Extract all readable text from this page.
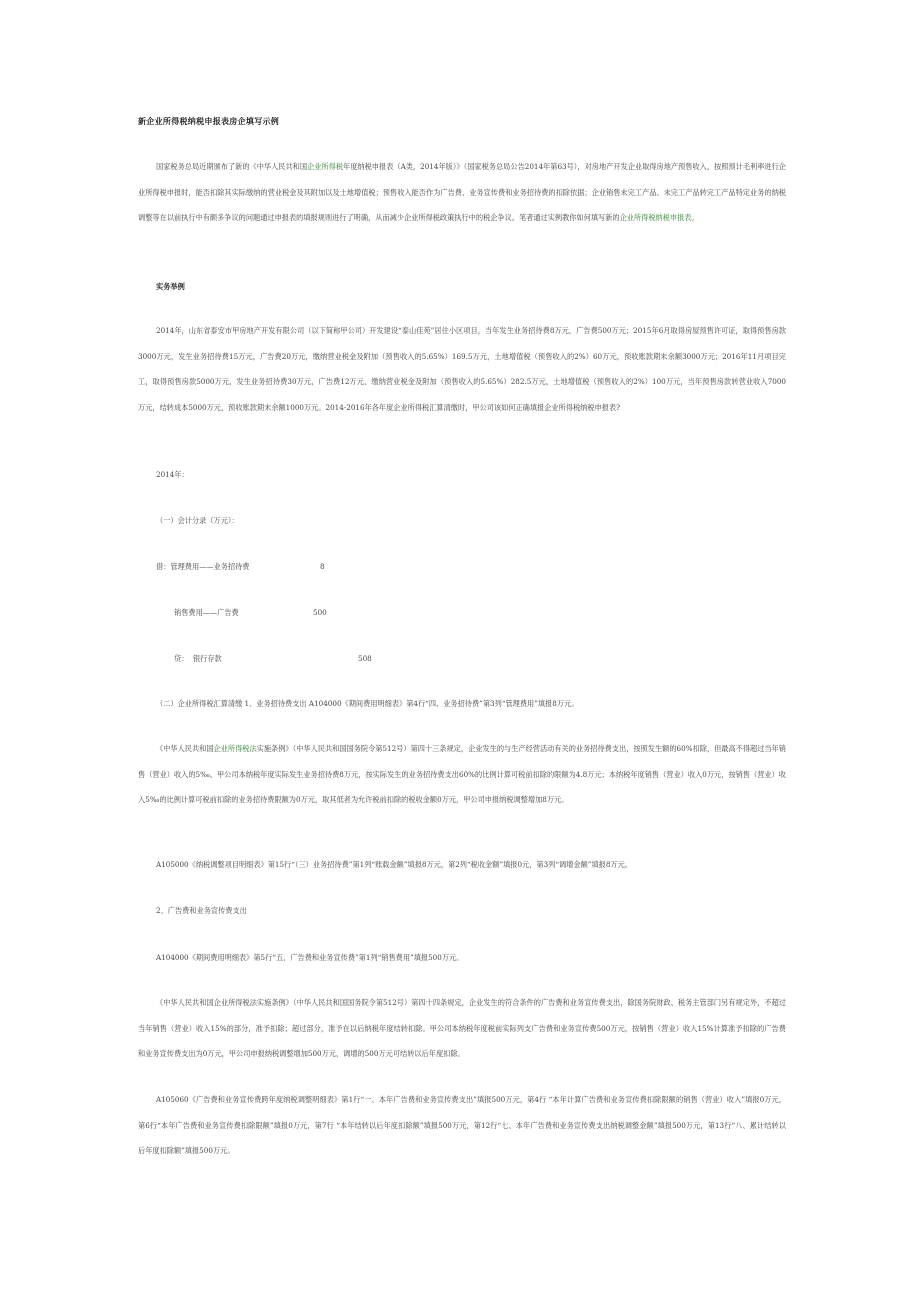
新企业所得税纳税申报表房企填写示例
国家税务总局近期颁布了新的《中华人民共和国企业所得税年度纳税申报表（A类，2014年版）》（国家税务总局公告2014年第63号），对房地产开发企业取得房地产预售收入，按照预计毛利率进行企业所得税申报时，能否扣除其实际缴纳的营业税金及其附加以及土地增值税；预售收入能否作为广告费、业务宣传费和业务招待费的扣除依据；企业销售未完工产品、未完工产品转完工产品特定业务的纳税调整等在以前执行中有颇多争议的问题通过申报表的填报规则进行了明确，从而减少企业所得税政策执行中的税企争议。笔者通过实例教你如何填写新的企业所得税纳税申报表。
实务举例
2014年，山东省泰安市甲房地产开发有限公司（以下简称甲公司）开发建设“泰山佳苑”居住小区项目，当年发生业务招待费8万元，广告费500万元；2015年6月取得房屋预售许可证，取得预售房款3000万元，发生业务招待费15万元，广告费20万元，缴纳营业税金及附加（预售收入的5.65%）169.5万元，土地增值税（预售收入的2%）60万元，预收账款期末余额3000万元；2016年11月项目完工，取得预售房款5000万元，发生业务招待费30万元，广告费12万元，缴纳营业税金及附加（预售收入的5.65%）282.5万元，土地增值税（预售收入的2%）100万元，当年预售房款转营业收入7000万元，结转成本5000万元，预收账款期末余额1000万元。2014-2016年各年度企业所得税汇算清缴时，甲公司该如何正确填报企业所得税纳税申报表?
2014年：
（一）会计分录（万元）：
借：管理费用——业务招待费	8
销售费用——广告费	500
贷：  银行存款	508
（二）企业所得税汇算清缴 1、业务招待费支出 A104000《期间费用明细表》第4行“四、业务招待费”第3列“管理费用”填报8万元。
《中华人民共和国企业所得税法实施条例》（中华人民共和国国务院令第512号）第四十三条规定，企业发生的与生产经营活动有关的业务招待费支出，按照发生额的60%扣除，但最高不得超过当年销售（营业）收入的5‰。甲公司本纳税年度实际发生业务招待费8万元，按实际发生的业务招待费支出60%的比例计算可税前扣除的限额为4.8万元；本纳税年度销售（营业）收入0万元，按销售（营业）收入5‰的比例计算可税前扣除的业务招待费限额为0万元，取其低者为允许税前扣除的税收金额0万元，甲公司申报纳税调整增加8万元。
A105000《纳税调整项目明细表》第15行“（三）业务招待费”第1列“账载金额”填报8万元，第2列“税收金额”填报0元，第3列“调增金额”填报8万元。
2、广告费和业务宣传费支出
A104000《期间费用明细表》第5行“五、广告费和业务宣传费”第1列“销售费用”填报500万元。
《中华人民共和国企业所得税法实施条例》（中华人民共和国国务院令第512号）第四十四条规定，企业发生的符合条件的广告费和业务宣传费支出，除国务院财政、税务主管部门另有规定外，不超过当年销售（营业）收入15%的部分，准予扣除；超过部分，准予在以后纳税年度结转扣除。甲公司本纳税年度税前实际列支广告费和业务宣传费500万元，按销售（营业）收入15%计算准予扣除的广告费和业务宣传费支出为0万元，甲公司申报纳税调整增加500万元，调增的500万元可结转以后年度扣除。
A105060《广告费和业务宣传费跨年度纳税调整明细表》第1行“一、本年广告费和业务宣传费支出”填报500万元，第4行 “本年计算广告费和业务宣传费扣除限额的销售（营业）收入”填报0万元，第6行“本年广告费和业务宣传费扣除限额”填报0万元，第7行 “本年结转以后年度扣除额”填报500万元，第12行“七、本年广告费和业务宣传费支出纳税调整金额”填报500万元，第13行“八、累计结转以后年度扣除额”填报500万元。
